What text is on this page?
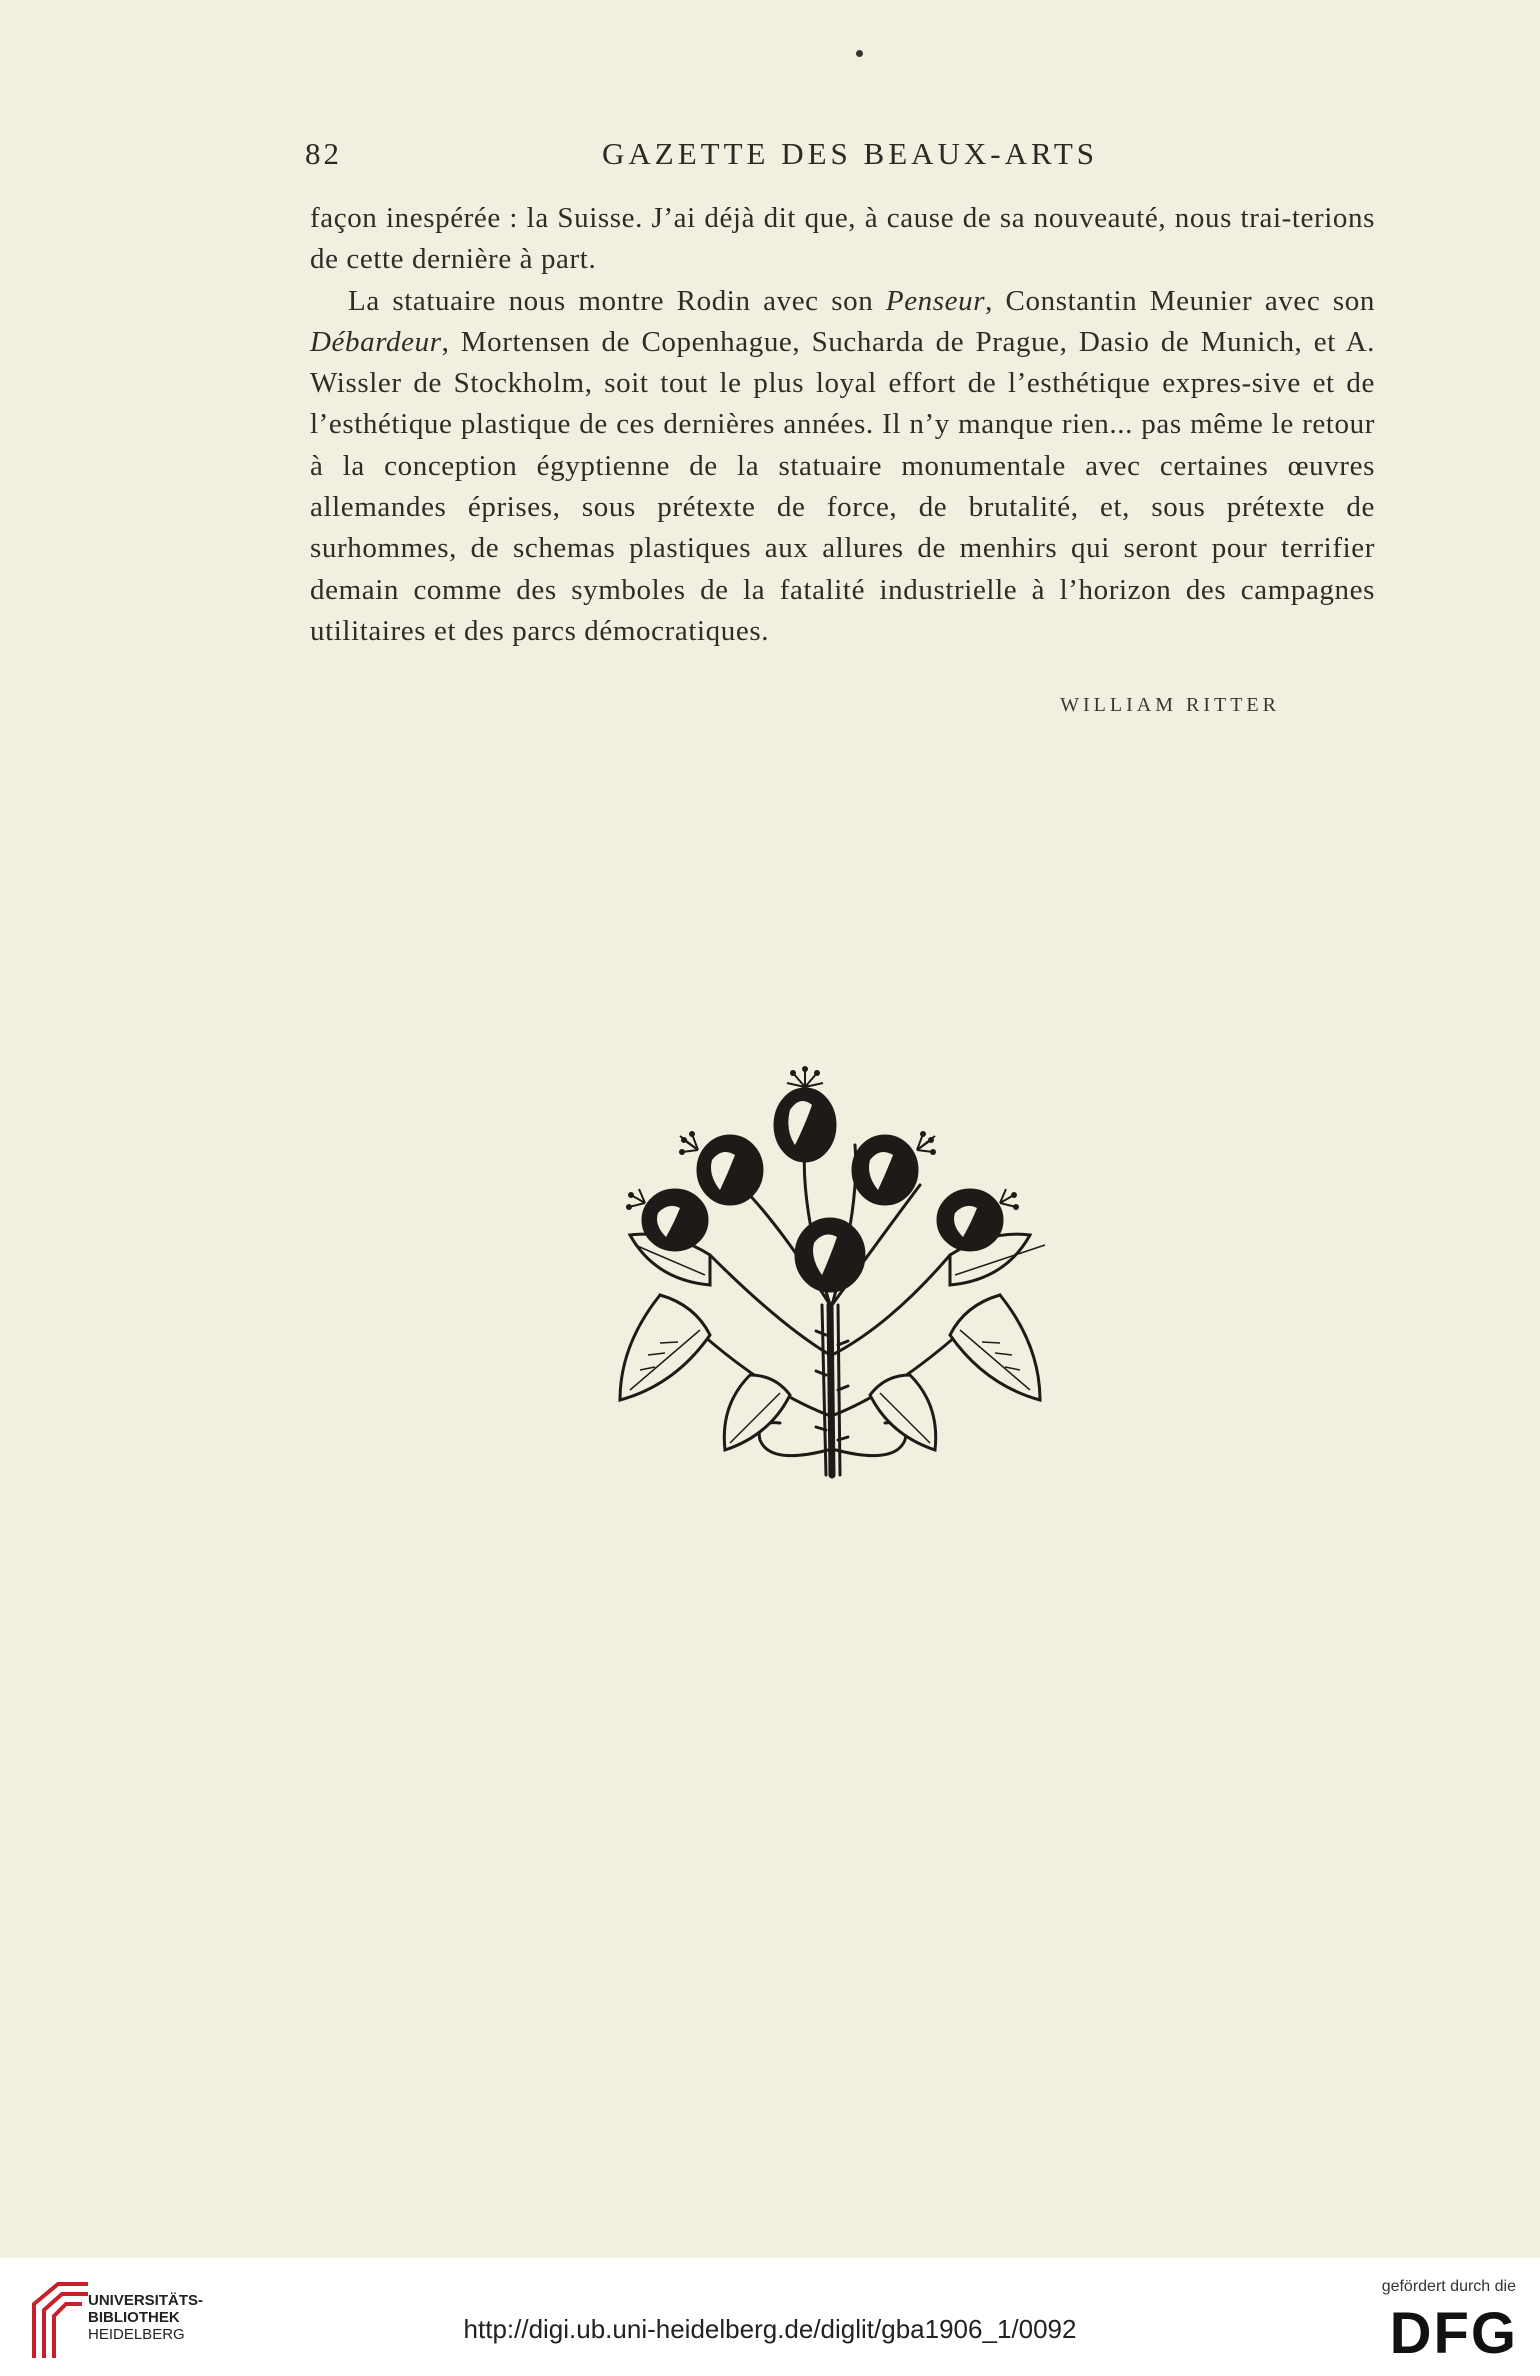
82	GAZETTE DES BEAUX-ARTS

façon inespérée : la Suisse. J’ai déjà dit que, à cause de sa nouveauté, nous trai-terions de cette dernière à part.

La statuaire nous montre Rodin avec son Penseur, Constantin Meunier avec son Débardeur, Mortensen de Copenhague, Sucharda de Prague, Dasio de Munich, et A. Wissler de Stockholm, soit tout le plus loyal effort de l’esthétique expres-sive et de l’esthétique plastique de ces dernières années. Il n’y manque rien... pas même le retour à la conception égyptienne de la statuaire monumentale avec certaines œuvres allemandes éprises, sous prétexte de force, de brutalité, et, sous prétexte de surhommes, de schemas plastiques aux allures de menhirs qui seront pour terrifier demain comme des symboles de la fatalité industrielle à l’horizon des campagnes utilitaires et des parcs démocratiques.

WILLIAM RITTER
UNIVERSITÄTS-
BIBLIOTHEK
HEIDELBERG	http://digi.ub.uni-heidelberg.de/diglit/gba1906_1/0092
gefördert durch die
DFG
